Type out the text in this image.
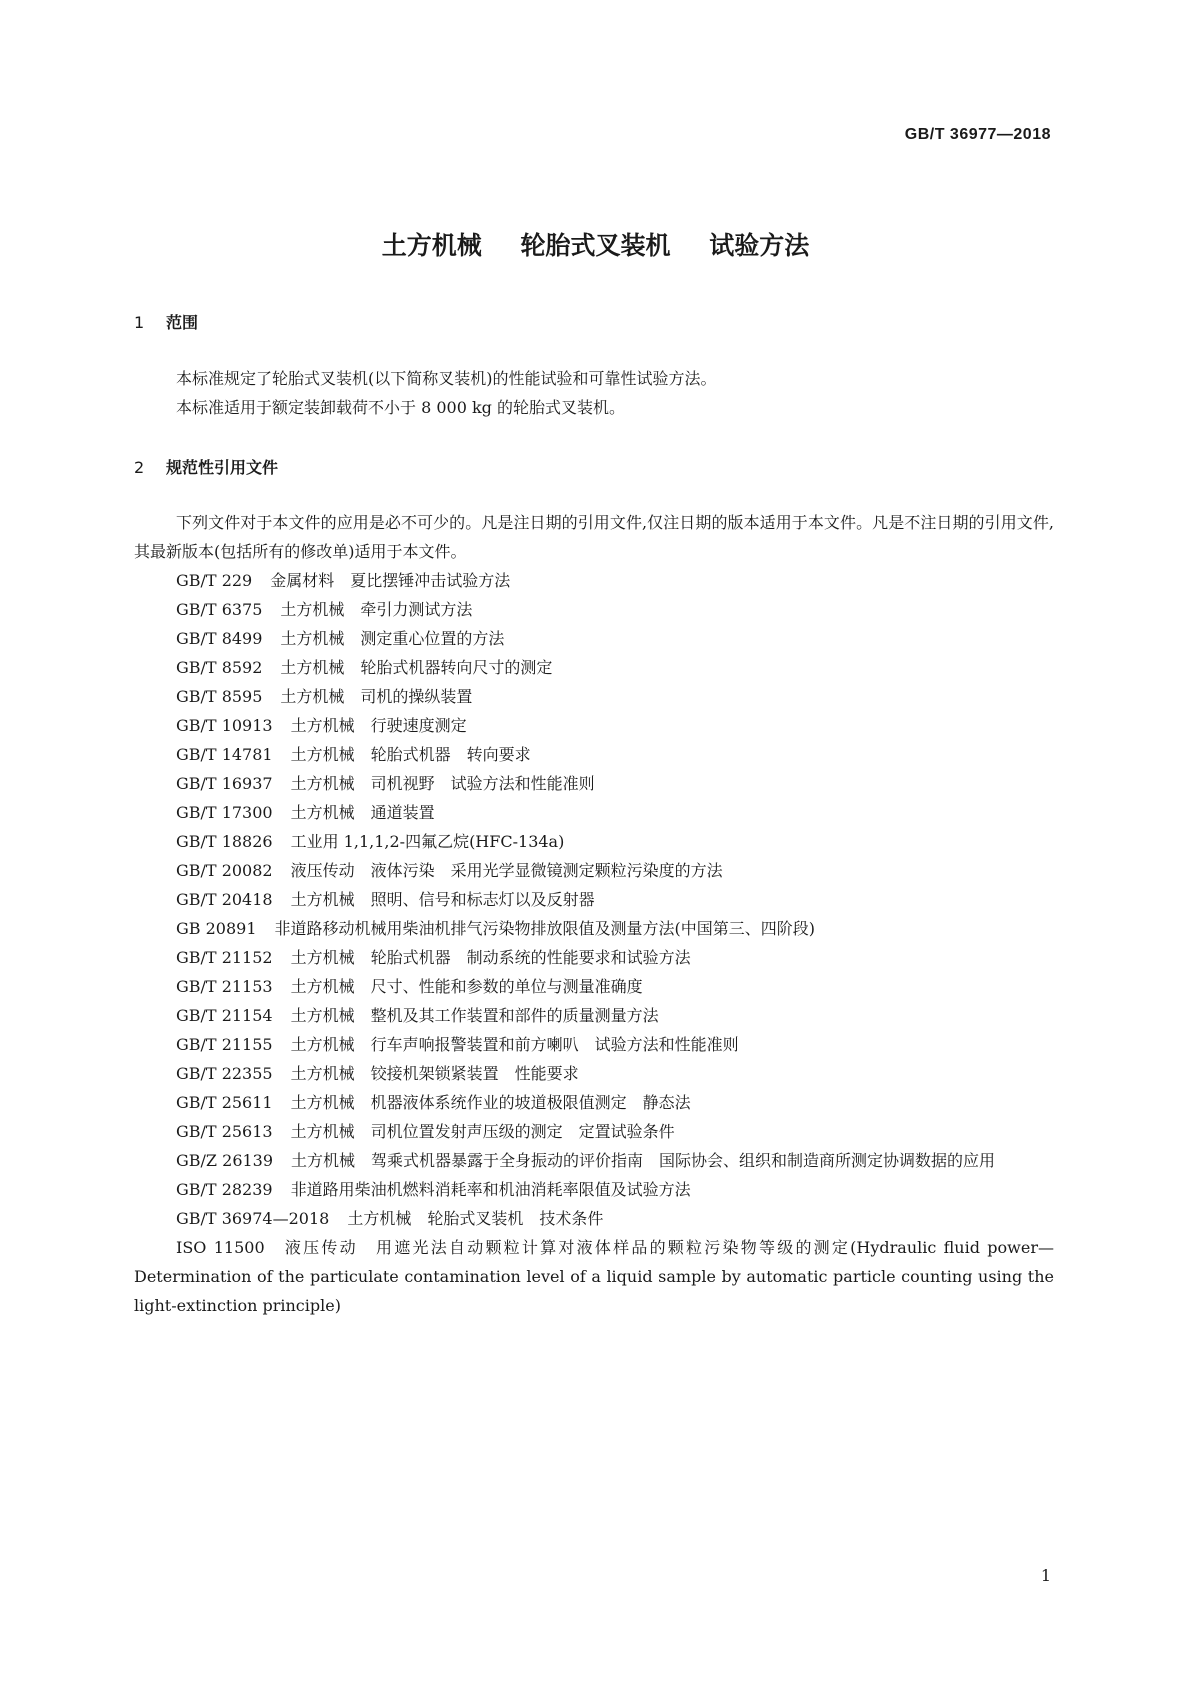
GB/T 36977—2018
土方机械 轮胎式叉装机 试验方法
1 范围

本标准规定了轮胎式叉装机(以下简称叉装机)的性能试验和可靠性试验方法。

本标准适用于额定装卸载荷不小于 8 000 kg 的轮胎式叉装机。

2 规范性引用文件

下列文件对于本文件的应用是必不可少的。凡是注日期的引用文件,仅注日期的版本适用于本文件。凡是不注日期的引用文件,其最新版本(包括所有的修改单)适用于本文件。

GB/T 229 金属材料　夏比摆锤冲击试验方法
GB/T 6375 土方机械　牵引力测试方法
GB/T 8499 土方机械　测定重心位置的方法
GB/T 8592 土方机械　轮胎式机器转向尺寸的测定
GB/T 8595 土方机械　司机的操纵装置
GB/T 10913 土方机械　行驶速度测定
GB/T 14781 土方机械　轮胎式机器　转向要求
GB/T 16937 土方机械　司机视野　试验方法和性能准则
GB/T 17300 土方机械　通道装置
GB/T 18826 工业用 1,1,1,2-四氟乙烷(HFC-134a)
GB/T 20082 液压传动　液体污染　采用光学显微镜测定颗粒污染度的方法
GB/T 20418 土方机械　照明、信号和标志灯以及反射器
GB 20891 非道路移动机械用柴油机排气污染物排放限值及测量方法(中国第三、四阶段)
GB/T 21152 土方机械　轮胎式机器　制动系统的性能要求和试验方法
GB/T 21153 土方机械　尺寸、性能和参数的单位与测量准确度
GB/T 21154 土方机械　整机及其工作装置和部件的质量测量方法
GB/T 21155 土方机械　行车声响报警装置和前方喇叭　试验方法和性能准则
GB/T 22355 土方机械　铰接机架锁紧装置　性能要求
GB/T 25611 土方机械　机器液体系统作业的坡道极限值测定　静态法
GB/T 25613 土方机械　司机位置发射声压级的测定　定置试验条件
GB/Z 26139 土方机械　驾乘式机器暴露于全身振动的评价指南　国际协会、组织和制造商所测定协调数据的应用
GB/T 28239 非道路用柴油机燃料消耗率和机油消耗率限值及试验方法
GB/T 36974—2018 土方机械　轮胎式叉装机　技术条件
ISO 11500 液压传动　用遮光法自动颗粒计算对液体样品的颗粒污染物等级的测定(Hydraulic fluid power—Determination of the particulate contamination level of a liquid sample by automatic particle counting using the light-extinction principle)
1
